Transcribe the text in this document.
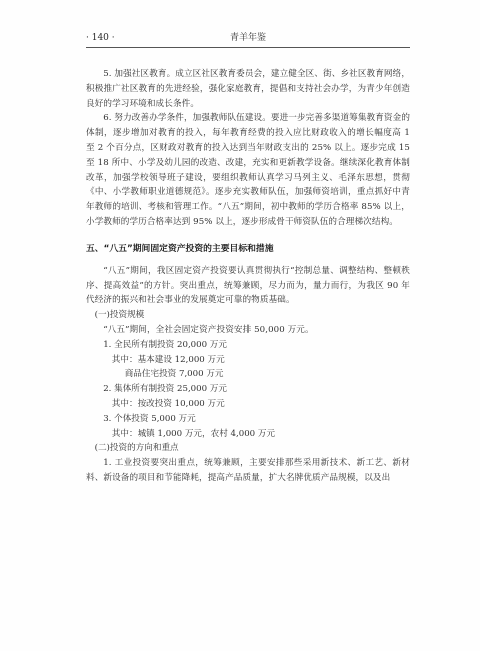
· 140 ·	青羊年鉴

5. 加强社区教育。成立区社区教育委员会，建立健全区、街、乡社区教育网络，积极推广社区教育的先进经验，强化家庭教育，提倡和支持社会办学，为青少年创造良好的学习环境和成长条件。

6. 努力改善办学条件，加强教师队伍建设。要进一步完善多渠道筹集教育资金的体制，逐步增加对教育的投入，每年教育经费的投入应比财政收入的增长幅度高 1 至 2 个百分点，区财政对教育的投入达到当年财政支出的 25% 以上。逐步完成 15 至 18 所中、小学及幼儿园的改造、改建，充实和更新教学设备。继续深化教育体制改革，加强学校领导班子建设，要组织教师认真学习马列主义、毛泽东思想，贯彻《中、小学教师职业道德规范》。逐步充实教师队伍，加强师资培训，重点抓好中青年教师的培训、考核和管理工作。“八五”期间，初中教师的学历合格率 85% 以上，小学教师的学历合格率达到 95% 以上，逐步形成骨干师资队伍的合理梯次结构。

五、“八五”期间固定资产投资的主要目标和措施

“八五”期间，我区固定资产投资要认真贯彻执行“控制总量、调整结构、整顿秩序、提高效益”的方针。突出重点，统筹兼顾，尽力而为，量力而行，为我区 90 年代经济的振兴和社会事业的发展奠定可靠的物质基础。

(一)投资规模

“八五”期间，全社会固定资产投资安排 50,000 万元。

1. 全民所有制投资 20,000 万元

其中：基本建设 12,000 万元

商品住宅投资 7,000 万元

2. 集体所有制投资 25,000 万元

其中：按改投资 10,000 万元

3. 个体投资 5,000 万元

其中：城镇 1,000 万元，农村 4,000 万元

(二)投资的方向和重点

1. 工业投资要突出重点，统筹兼顾，主要安排那些采用新技术、新工艺、新材料、新设备的项目和节能降耗，提高产品质量，扩大名牌优质产品规模，以及出
